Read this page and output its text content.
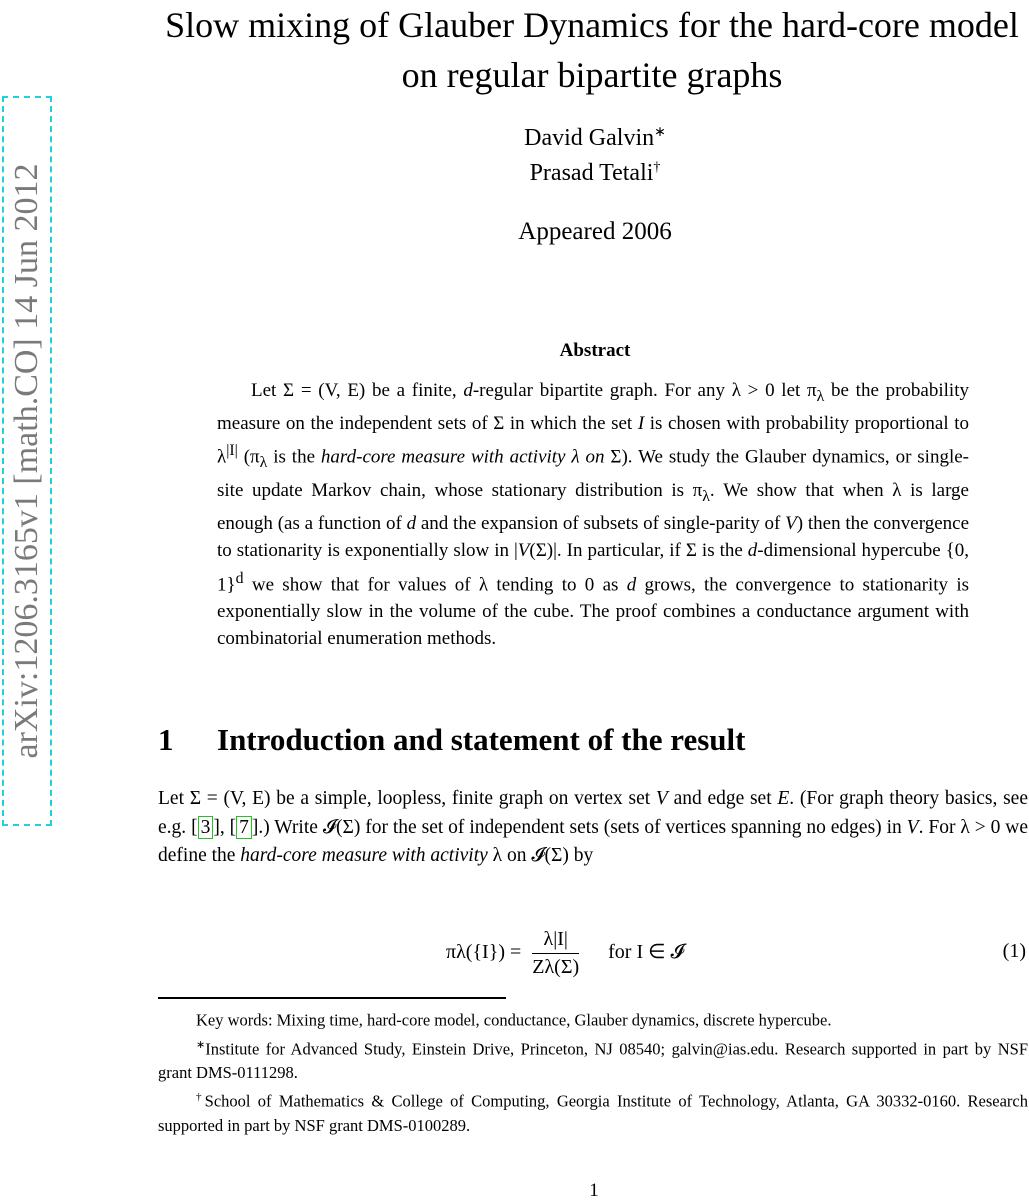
arXiv:1206.3165v1 [math.CO] 14 Jun 2012
Slow mixing of Glauber Dynamics for the hard-core model on regular bipartite graphs
David Galvin∗
Prasad Tetali†
Appeared 2006
Abstract

Let Σ = (V, E) be a finite, d-regular bipartite graph. For any λ > 0 let $\pi_\lambda$ be the probability measure on the independent sets of Σ in which the set I is chosen with probability proportional to $\lambda^{|I|}$ ($\pi_\lambda$ is the hard-core measure with activity λ on Σ). We study the Glauber dynamics, or single-site update Markov chain, whose stationary distribution is $\pi_\lambda$. We show that when λ is large enough (as a function of d and the expansion of subsets of single-parity of V) then the convergence to stationarity is exponentially slow in |V(Σ)|. In particular, if Σ is the d-dimensional hypercube {0, 1}$^d$ we show that for values of λ tending to 0 as d grows, the convergence to stationarity is exponentially slow in the volume of the cube. The proof combines a conductance argument with combinatorial enumeration methods.

1 Introduction and statement of the result

Let Σ = (V, E) be a simple, loopless, finite graph on vertex set V and edge set E. (For graph theory basics, see e.g. [ 3 ], [ 7 ].) Write 𝓘(Σ) for the set of independent sets (sets of vertices spanning no edges) in V. For λ > 0 we define the hard-core measure with activity λ on 𝓘(Σ) by

$\pi\lambda(\{I\}) = \frac{\lambda|I|}{Z\lambda(\Sigma)}$ for I ∈ 𝓘	(1)

Key words: Mixing time, hard-core model, conductance, Glauber dynamics, discrete hypercube.

∗Institute for Advanced Study, Einstein Drive, Princeton, NJ 08540; galvin@ias.edu. Research supported in part by NSF grant DMS-0111298.

†School of Mathematics & College of Computing, Georgia Institute of Technology, Atlanta, GA 30332-0160. Research supported in part by NSF grant DMS-0100289.

1
